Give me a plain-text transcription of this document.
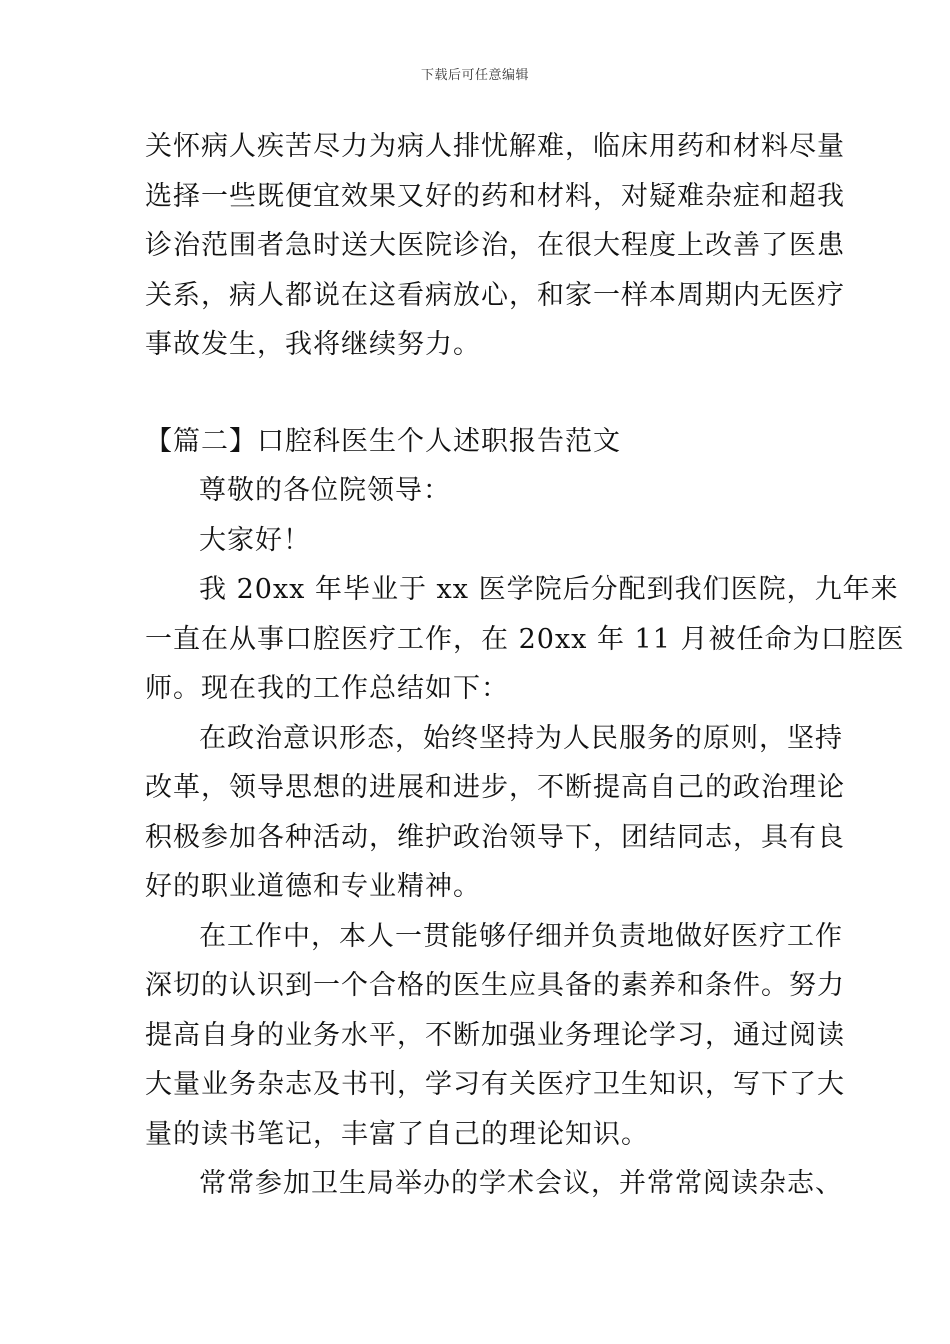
下载后可任意编辑
关怀病人疾苦尽力为病人排忧解难，临床用药和材料尽量
选择一些既便宜效果又好的药和材料，对疑难杂症和超我
诊治范围者急时送大医院诊治，在很大程度上改善了医患
关系，病人都说在这看病放心，和家一样本周期内无医疗
事故发生，我将继续努力。
【篇二】口腔科医生个人述职报告范文
尊敬的各位院领导：
大家好！
我 20xx 年毕业于 xx 医学院后分配到我们医院，九年来
一直在从事口腔医疗工作，在 20xx 年 11 月被任命为口腔医
师。现在我的工作总结如下：
在政治意识形态，始终坚持为人民服务的原则，坚持
改革，领导思想的进展和进步，不断提高自己的政治理论
积极参加各种活动，维护政治领导下，团结同志，具有良
好的职业道德和专业精神。
在工作中，本人一贯能够仔细并负责地做好医疗工作
深切的认识到一个合格的医生应具备的素养和条件。努力
提高自身的业务水平，不断加强业务理论学习，通过阅读
大量业务杂志及书刊，学习有关医疗卫生知识，写下了大
量的读书笔记，丰富了自己的理论知识。
常常参加卫生局举办的学术会议，并常常阅读杂志、
